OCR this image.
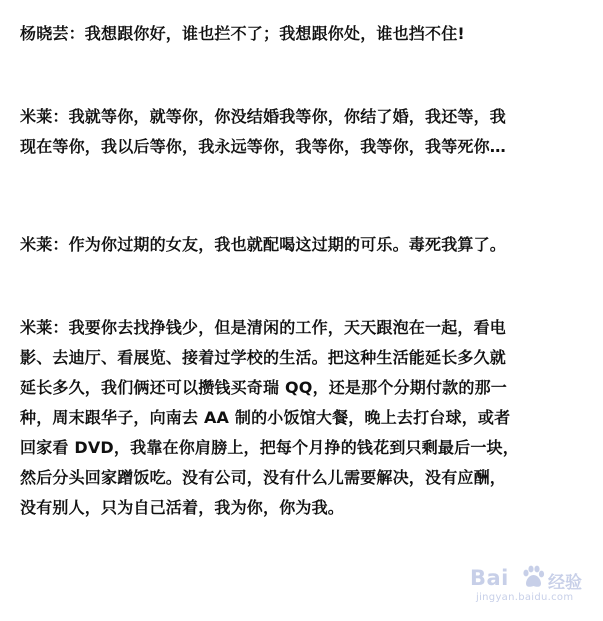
杨晓芸：我想跟你好，谁也拦不了；我想跟你处，谁也挡不住!
米莱：我就等你，就等你，你没结婚我等你，你结了婚，我还等，我
现在等你，我以后等你，我永远等你，我等你，我等你，我等死你…
米莱：作为你过期的女友，我也就配喝这过期的可乐。毒死我算了。
米莱：我要你去找挣钱少，但是清闲的工作，天天跟泡在一起，看电
影、去迪厅、看展览、接着过学校的生活。把这种生活能延长多久就
延长多久，我们俩还可以攒钱买奇瑞 QQ，还是那个分期付款的那一
种，周末跟华子，向南去 AA 制的小饭馆大餐，晚上去打台球，或者
回家看 DVD，我靠在你肩膀上，把每个月挣的钱花到只剩最后一块，
然后分头回家蹭饭吃。没有公司，没有什么儿需要解决，没有应酬，
没有别人，只为自己活着，我为你，你为我。
Bai 经验
jingyan.baidu.com
